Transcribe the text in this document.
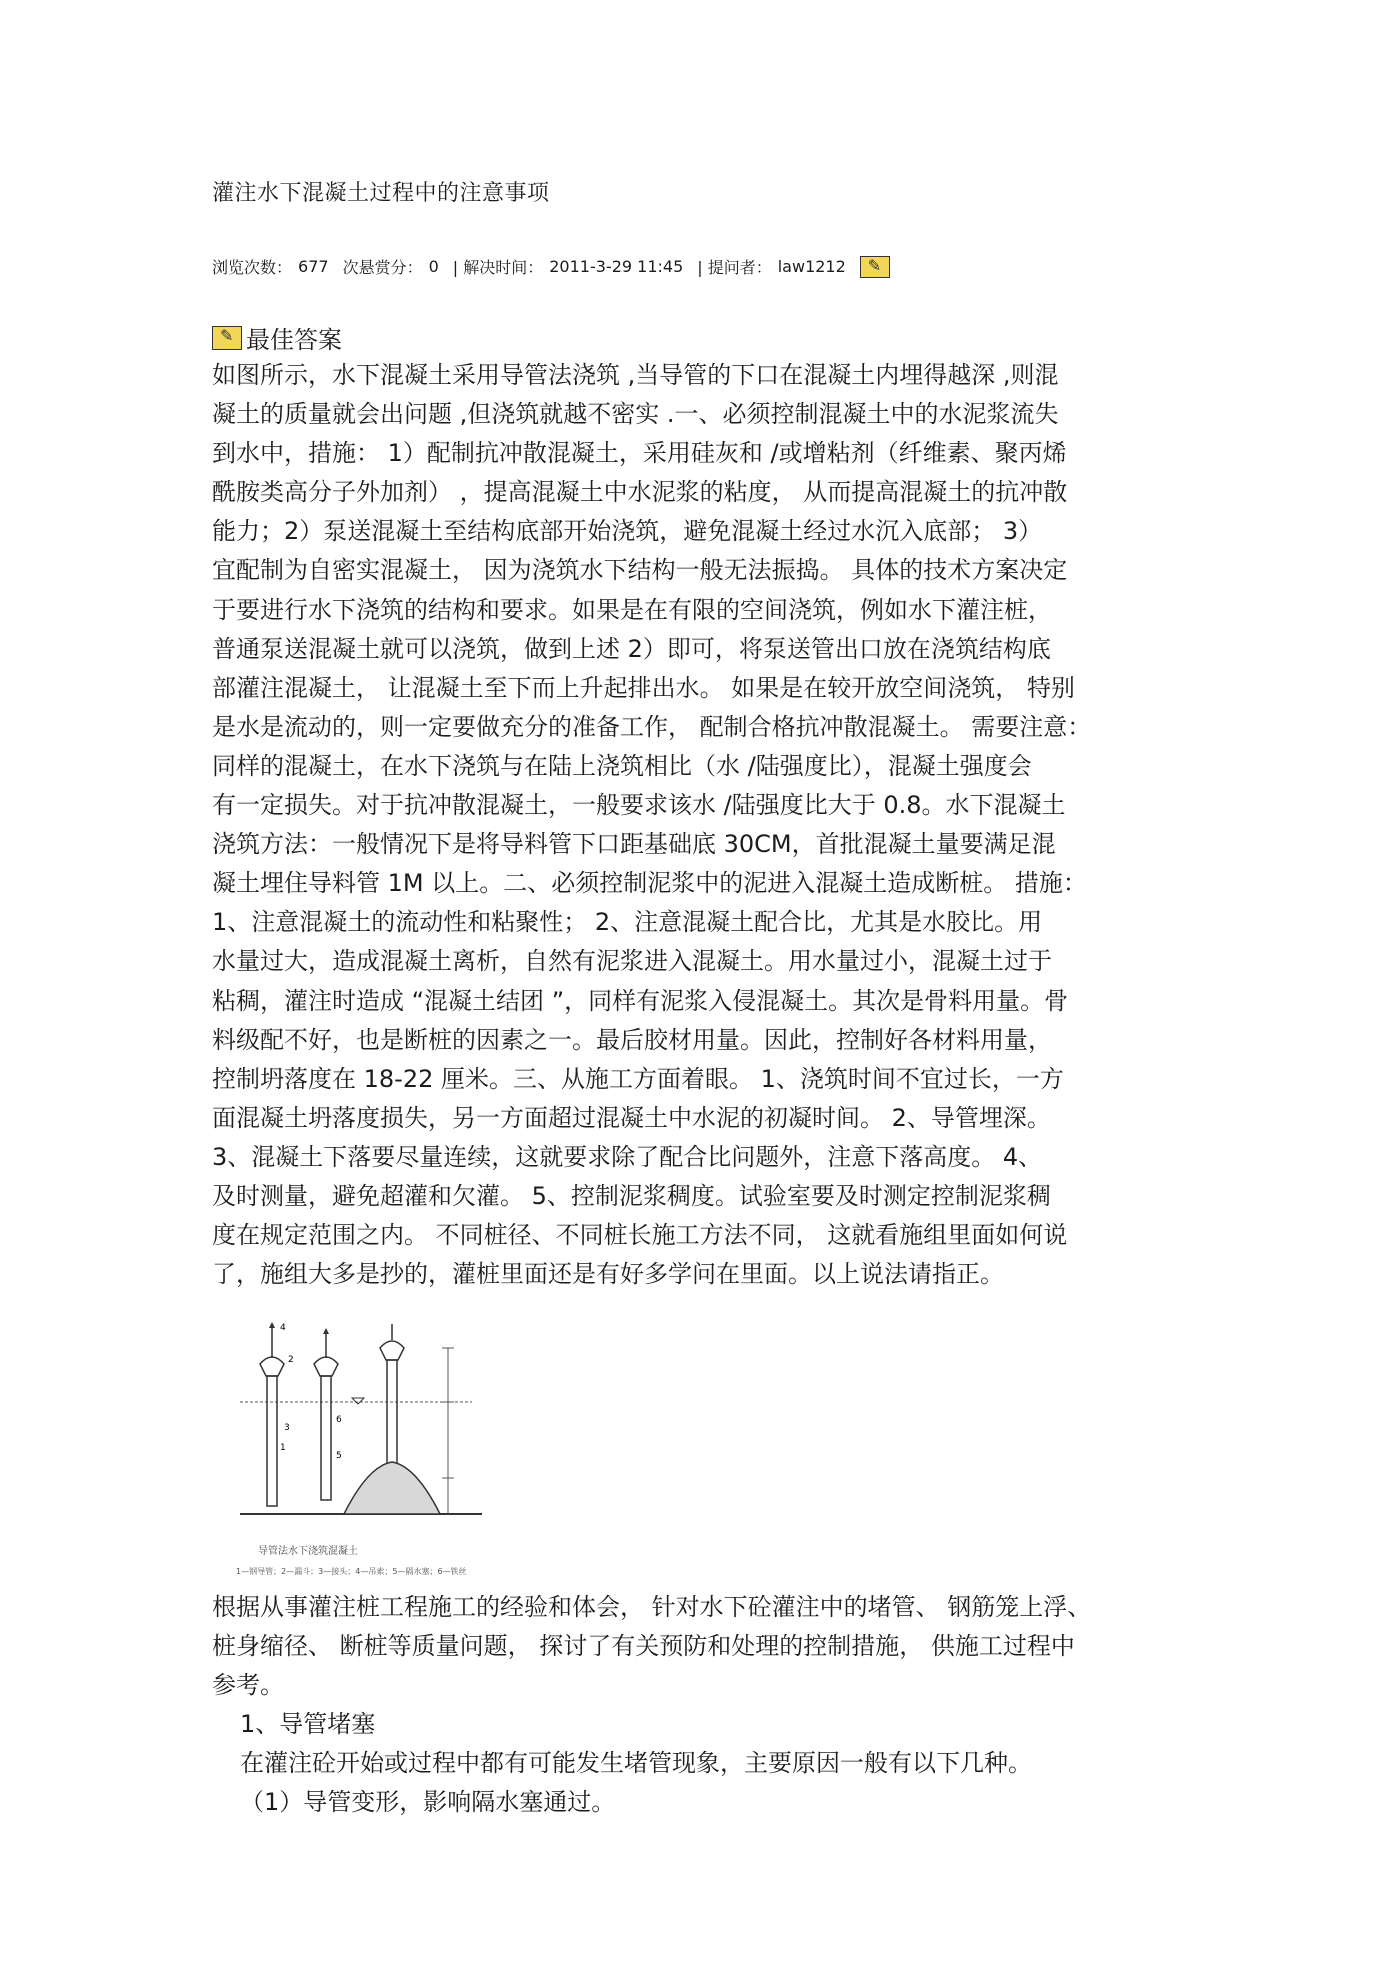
灌注水下混凝土过程中的注意事项
浏览次数： 677 次悬赏分： 0 | 解决时间： 2011-3-29 11:45 | 提问者： law1212
✎
✎
最佳答案
如图所示，水下混凝土采用导管法浇筑 ,当导管的下口在混凝土内埋得越深 ,则混
凝土的质量就会出问题 ,但浇筑就越不密实 .一、必须控制混凝土中的水泥浆流失
到水中，措施： 1）配制抗冲散混凝土，采用硅灰和 /或增粘剂（纤维素、聚丙烯
酰胺类高分子外加剂） ，提高混凝土中水泥浆的粘度， 从而提高混凝土的抗冲散
能力；2）泵送混凝土至结构底部开始浇筑，避免混凝土经过水沉入底部； 3）
宜配制为自密实混凝土， 因为浇筑水下结构一般无法振捣。 具体的技术方案决定
于要进行水下浇筑的结构和要求。如果是在有限的空间浇筑，例如水下灌注桩，
普通泵送混凝土就可以浇筑，做到上述 2）即可，将泵送管出口放在浇筑结构底
部灌注混凝土， 让混凝土至下而上升起排出水。 如果是在较开放空间浇筑， 特别
是水是流动的，则一定要做充分的准备工作， 配制合格抗冲散混凝土。 需要注意：
同样的混凝土，在水下浇筑与在陆上浇筑相比（水 /陆强度比），混凝土强度会
有一定损失。对于抗冲散混凝土，一般要求该水 /陆强度比大于 0.8。水下混凝土
浇筑方法：一般情况下是将导料管下口距基础底 30CM，首批混凝土量要满足混
凝土埋住导料管 1M 以上。二、必须控制泥浆中的泥进入混凝土造成断桩。 措施：
1、注意混凝土的流动性和粘聚性； 2、注意混凝土配合比，尤其是水胶比。用
水量过大，造成混凝土离析，自然有泥浆进入混凝土。用水量过小，混凝土过于
粘稠，灌注时造成 “混凝土结团 ”，同样有泥浆入侵混凝土。其次是骨料用量。骨
料级配不好，也是断桩的因素之一。最后胶材用量。因此，控制好各材料用量，
控制坍落度在 18-22 厘米。三、从施工方面着眼。 1、浇筑时间不宜过长，一方
面混凝土坍落度损失，另一方面超过混凝土中水泥的初凝时间。 2、导管埋深。
3、混凝土下落要尽量连续，这就要求除了配合比问题外，注意下落高度。 4、
及时测量，避免超灌和欠灌。 5、控制泥浆稠度。试验室要及时测定控制泥浆稠
度在规定范围之内。 不同桩径、不同桩长施工方法不同， 这就看施组里面如何说
了，施组大多是抄的，灌桩里面还是有好多学问在里面。以上说法请指正。
4
2
3
1
6
5
导管法水下浇筑混凝土
1—钢导管；2—漏斗；3—接头；4—吊索；5—隔水塞；6—铁丝
根据从事灌注桩工程施工的经验和体会， 针对水下砼灌注中的堵管、 钢筋笼上浮、
桩身缩径、 断桩等质量问题， 探讨了有关预防和处理的控制措施， 供施工过程中
参考。
1、导管堵塞
在灌注砼开始或过程中都有可能发生堵管现象，主要原因一般有以下几种。
（1）导管变形，影响隔水塞通过。
